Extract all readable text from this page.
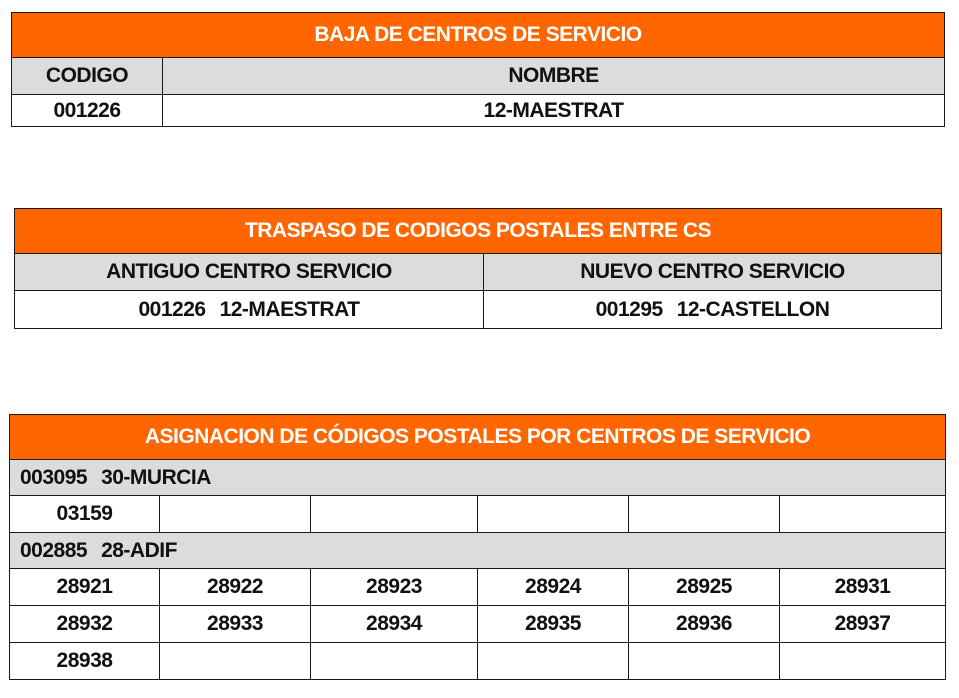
BAJA DE CENTROS DE SERVICIO	
CODIGO	NOMBRE
001226	12-MAESTRAT
TRASPASO DE CODIGOS POSTALES ENTRE CS	
ANTIGUO CENTRO SERVICIO	NUEVO CENTRO SERVICIO
001226 12-MAESTRAT	001295 12-CASTELLON
ASIGNACION DE CÓDIGOS POSTALES POR CENTROS DE SERVICIO					
003095 30-MURCIA					
03159					
002885 28-ADIF					
28921	28922	28923	28924	28925	28931
28932	28933	28934	28935	28936	28937
28938					
